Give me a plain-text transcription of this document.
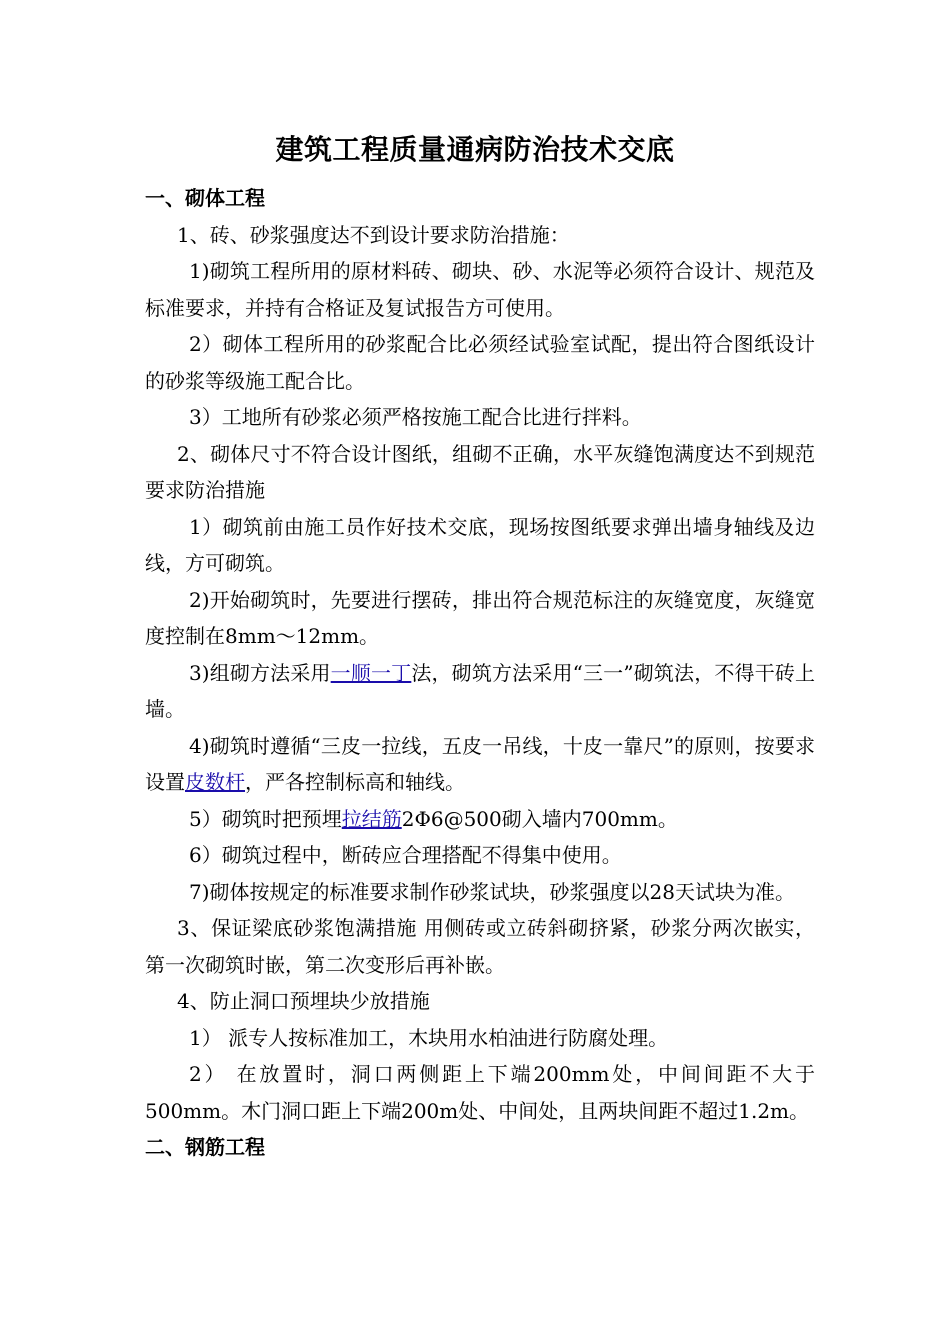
建筑工程质量通病防治技术交底

一、砌体工程

1、砖、砂浆强度达不到设计要求防治措施：

1)砌筑工程所用的原材料砖、砌块、砂、水泥等必须符合设计、规范及标准要求，并持有合格证及复试报告方可使用。

2）砌体工程所用的砂浆配合比必须经试验室试配，提出符合图纸设计的砂浆等级施工配合比。

3）工地所有砂浆必须严格按施工配合比进行拌料。

2、砌体尺寸不符合设计图纸，组砌不正确，水平灰缝饱满度达不到规范要求防治措施

1）砌筑前由施工员作好技术交底，现场按图纸要求弹出墙身轴线及边线，方可砌筑。

2)开始砌筑时，先要进行摆砖，排出符合规范标注的灰缝宽度，灰缝宽度控制在8mm～12mm。

3)组砌方法采用一顺一丁法，砌筑方法采用“三一”砌筑法，不得干砖上墙。

4)砌筑时遵循“三皮一拉线，五皮一吊线，十皮一靠尺”的原则，按要求设置皮数杆，严各控制标高和轴线。

5）砌筑时把预埋拉结筋2Φ6@500砌入墙内700mm。

6）砌筑过程中，断砖应合理搭配不得集中使用。

7)砌体按规定的标准要求制作砂浆试块，砂浆强度以28天试块为准。

3、保证梁底砂浆饱满措施 用侧砖或立砖斜砌挤紧，砂浆分两次嵌实，第一次砌筑时嵌，第二次变形后再补嵌。

4、防止洞口预埋块少放措施

1） 派专人按标准加工，木块用水柏油进行防腐处理。

2） 在放置时，洞口两侧距上下端200mm处，中间间距不大于500mm。木门洞口距上下端200m处、中间处，且两块间距不超过1.2m。

二、钢筋工程
